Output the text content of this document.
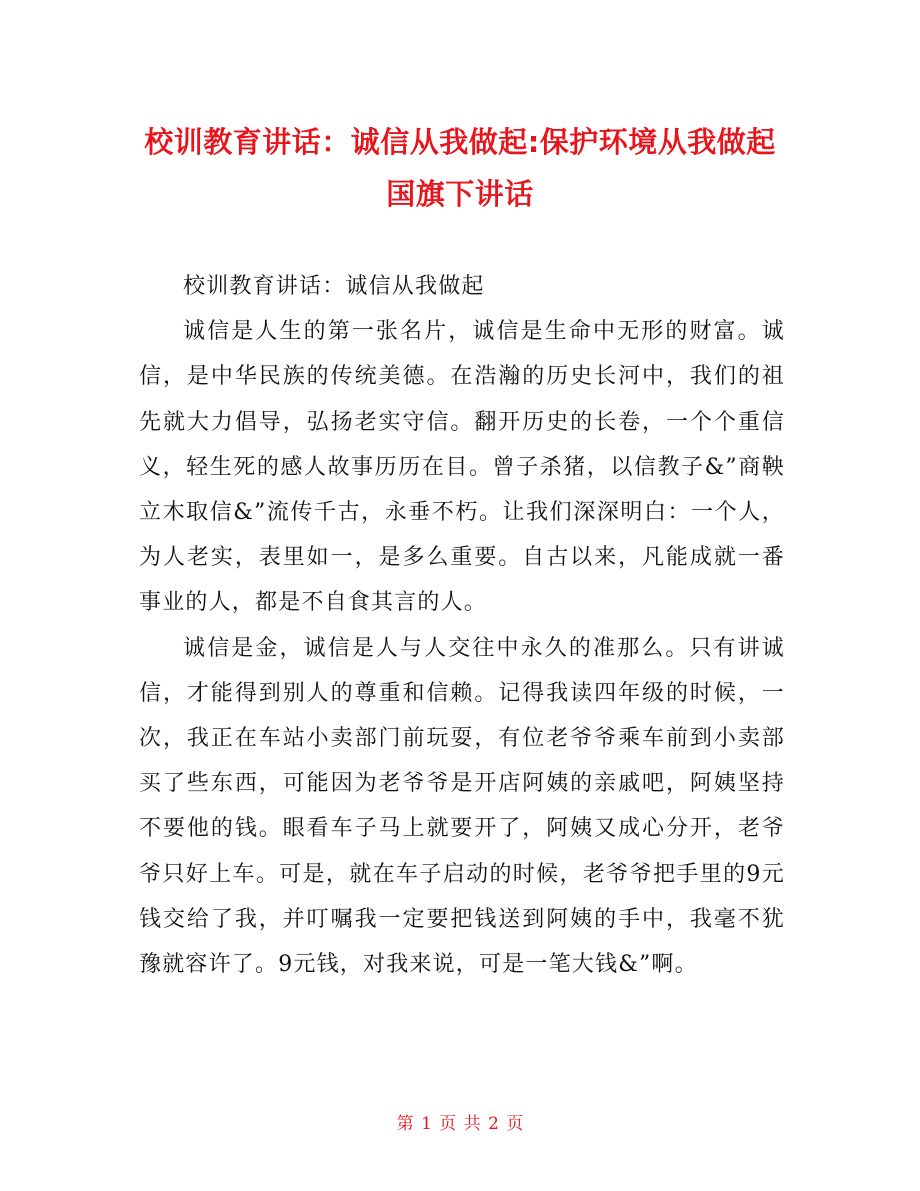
校训教育讲话：诚信从我做起:保护环境从我做起国旗下讲话

校训教育讲话：诚信从我做起

诚信是人生的第一张名片，诚信是生命中无形的财富。诚信，是中华民族的传统美德。在浩瀚的历史长河中，我们的祖先就大力倡导，弘扬老实守信。翻开历史的长卷，一个个重信义，轻生死的感人故事历历在目。曾子杀猪，以信教子&”商鞅立木取信&”流传千古，永垂不朽。让我们深深明白：一个人，为人老实，表里如一，是多么重要。自古以来，凡能成就一番事业的人，都是不自食其言的人。

诚信是金，诚信是人与人交往中永久的准那么。只有讲诚信，才能得到别人的尊重和信赖。记得我读四年级的时候，一次，我正在车站小卖部门前玩耍，有位老爷爷乘车前到小卖部买了些东西，可能因为老爷爷是开店阿姨的亲戚吧，阿姨坚持不要他的钱。眼看车子马上就要开了，阿姨又成心分开，老爷爷只好上车。可是，就在车子启动的时候，老爷爷把手里的9元钱交给了我，并叮嘱我一定要把钱送到阿姨的手中，我毫不犹豫就容许了。9元钱，对我来说，可是一笔大钱&”啊。

第 1 页 共 2 页
